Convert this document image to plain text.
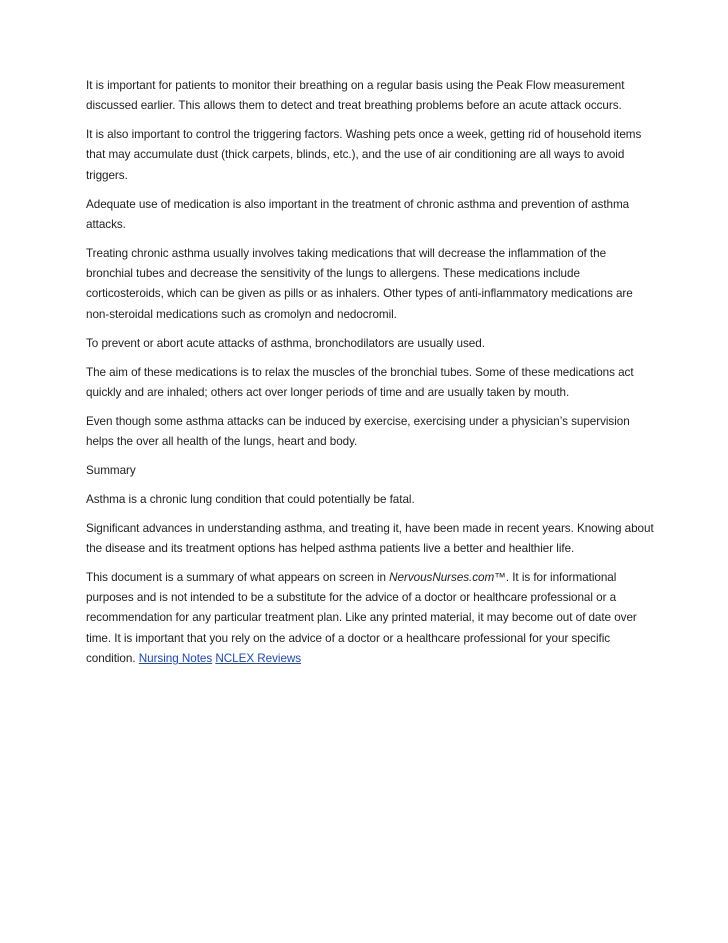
It is important for patients to monitor their breathing on a regular basis using the Peak Flow measurement discussed earlier. This allows them to detect and treat breathing problems before an acute attack occurs.

It is also important to control the triggering factors. Washing pets once a week, getting rid of household items that may accumulate dust (thick carpets, blinds, etc.), and the use of air conditioning are all ways to avoid triggers.

Adequate use of medication is also important in the treatment of chronic asthma and prevention of asthma attacks.

Treating chronic asthma usually involves taking medications that will decrease the inflammation of the bronchial tubes and decrease the sensitivity of the lungs to allergens. These medications include corticosteroids, which can be given as pills or as inhalers. Other types of anti-inflammatory medications are non-steroidal medications such as cromolyn and nedocromil.

To prevent or abort acute attacks of asthma, bronchodilators are usually used.

The aim of these medications is to relax the muscles of the bronchial tubes. Some of these medications act quickly and are inhaled; others act over longer periods of time and are usually taken by mouth.

Even though some asthma attacks can be induced by exercise, exercising under a physician’s supervision helps the over all health of the lungs, heart and body.

Summary

Asthma is a chronic lung condition that could potentially be fatal.

Significant advances in understanding asthma, and treating it, have been made in recent years. Knowing about the disease and its treatment options has helped asthma patients live a better and healthier life.

This document is a summary of what appears on screen in NervousNurses.com™. It is for informational purposes and is not intended to be a substitute for the advice of a doctor or healthcare professional or a recommendation for any particular treatment plan. Like any printed material, it may become out of date over time. It is important that you rely on the advice of a doctor or a healthcare professional for your specific condition. Nursing Notes NCLEX Reviews
